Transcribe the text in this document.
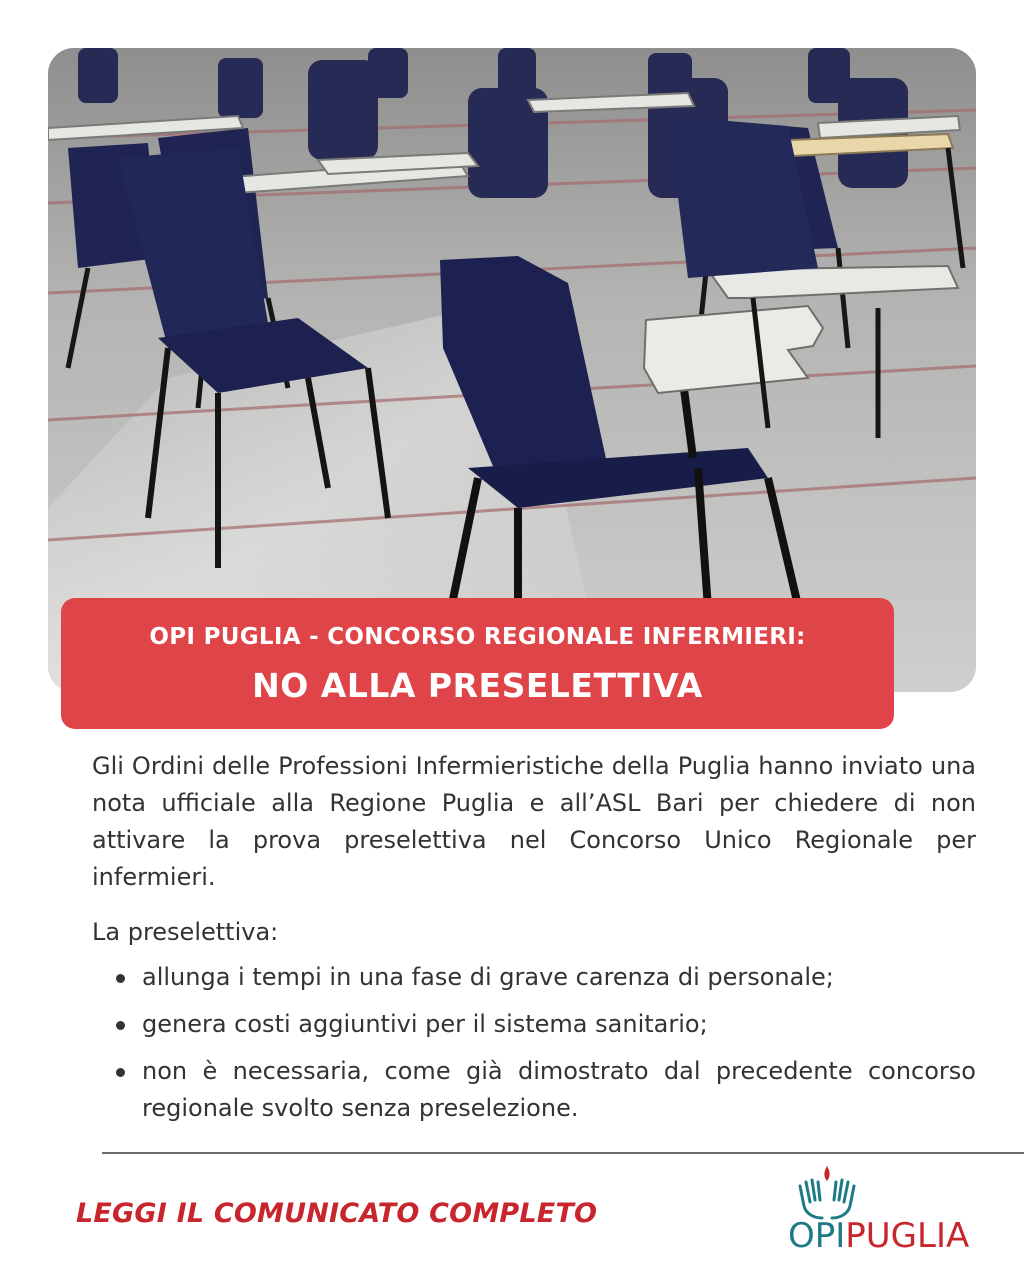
OPI PUGLIA - CONCORSO REGIONALE INFERMIERI:
NO ALLA PRESELETTIVA

Gli Ordini delle Professioni Infermieristiche della Puglia hanno inviato una nota ufficiale alla Regione Puglia e all’ASL Bari per chiedere di non attivare la prova preselettiva nel Concorso Unico Regionale per infermieri.

La preselettiva:

allunga i tempi in una fase di grave carenza di personale;
genera costi aggiuntivi per il sistema sanitario;
non è necessaria, come già dimostrato dal precedente concorso regionale svolto senza preselezione.
LEGGI IL COMUNICATO COMPLETO
OPIPUGLIA
